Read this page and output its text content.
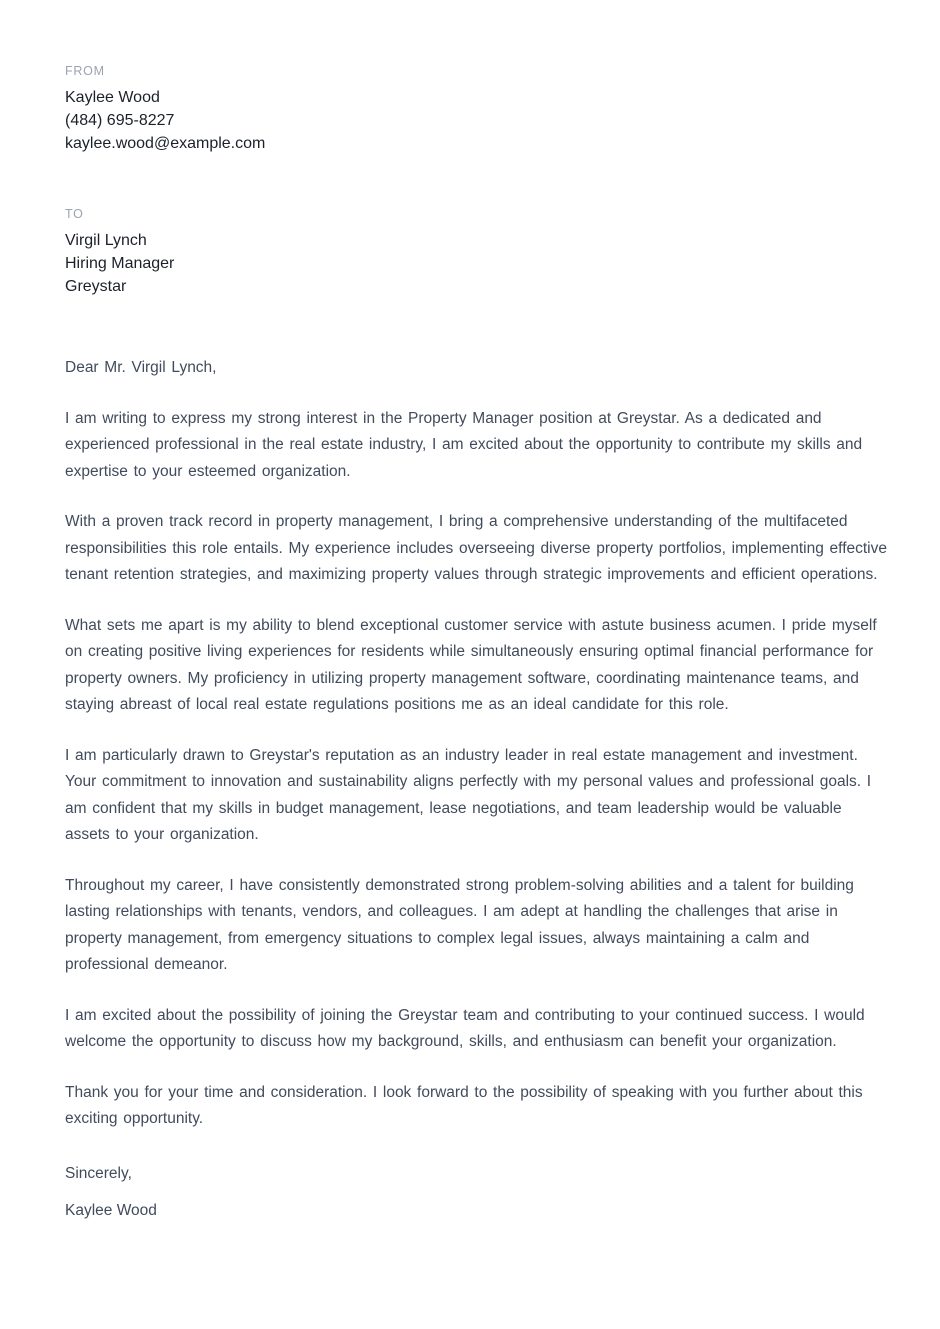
FROM
Kaylee Wood
(484) 695-8227
kaylee.wood@example.com
TO
Virgil Lynch
Hiring Manager
Greystar

Dear Mr. Virgil Lynch,

I am writing to express my strong interest in the Property Manager position at Greystar. As a dedicated and experienced professional in the real estate industry, I am excited about the opportunity to contribute my skills and expertise to your esteemed organization.

With a proven track record in property management, I bring a comprehensive understanding of the multifaceted responsibilities this role entails. My experience includes overseeing diverse property portfolios, implementing effective tenant retention strategies, and maximizing property values through strategic improvements and efficient operations.

What sets me apart is my ability to blend exceptional customer service with astute business acumen. I pride myself on creating positive living experiences for residents while simultaneously ensuring optimal financial performance for property owners. My proficiency in utilizing property management software, coordinating maintenance teams, and staying abreast of local real estate regulations positions me as an ideal candidate for this role.

I am particularly drawn to Greystar's reputation as an industry leader in real estate management and investment. Your commitment to innovation and sustainability aligns perfectly with my personal values and professional goals. I am confident that my skills in budget management, lease negotiations, and team leadership would be valuable assets to your organization.

Throughout my career, I have consistently demonstrated strong problem-solving abilities and a talent for building lasting relationships with tenants, vendors, and colleagues. I am adept at handling the challenges that arise in property management, from emergency situations to complex legal issues, always maintaining a calm and professional demeanor.

I am excited about the possibility of joining the Greystar team and contributing to your continued success. I would welcome the opportunity to discuss how my background, skills, and enthusiasm can benefit your organization.

Thank you for your time and consideration. I look forward to the possibility of speaking with you further about this exciting opportunity.

Sincerely,

Kaylee Wood
